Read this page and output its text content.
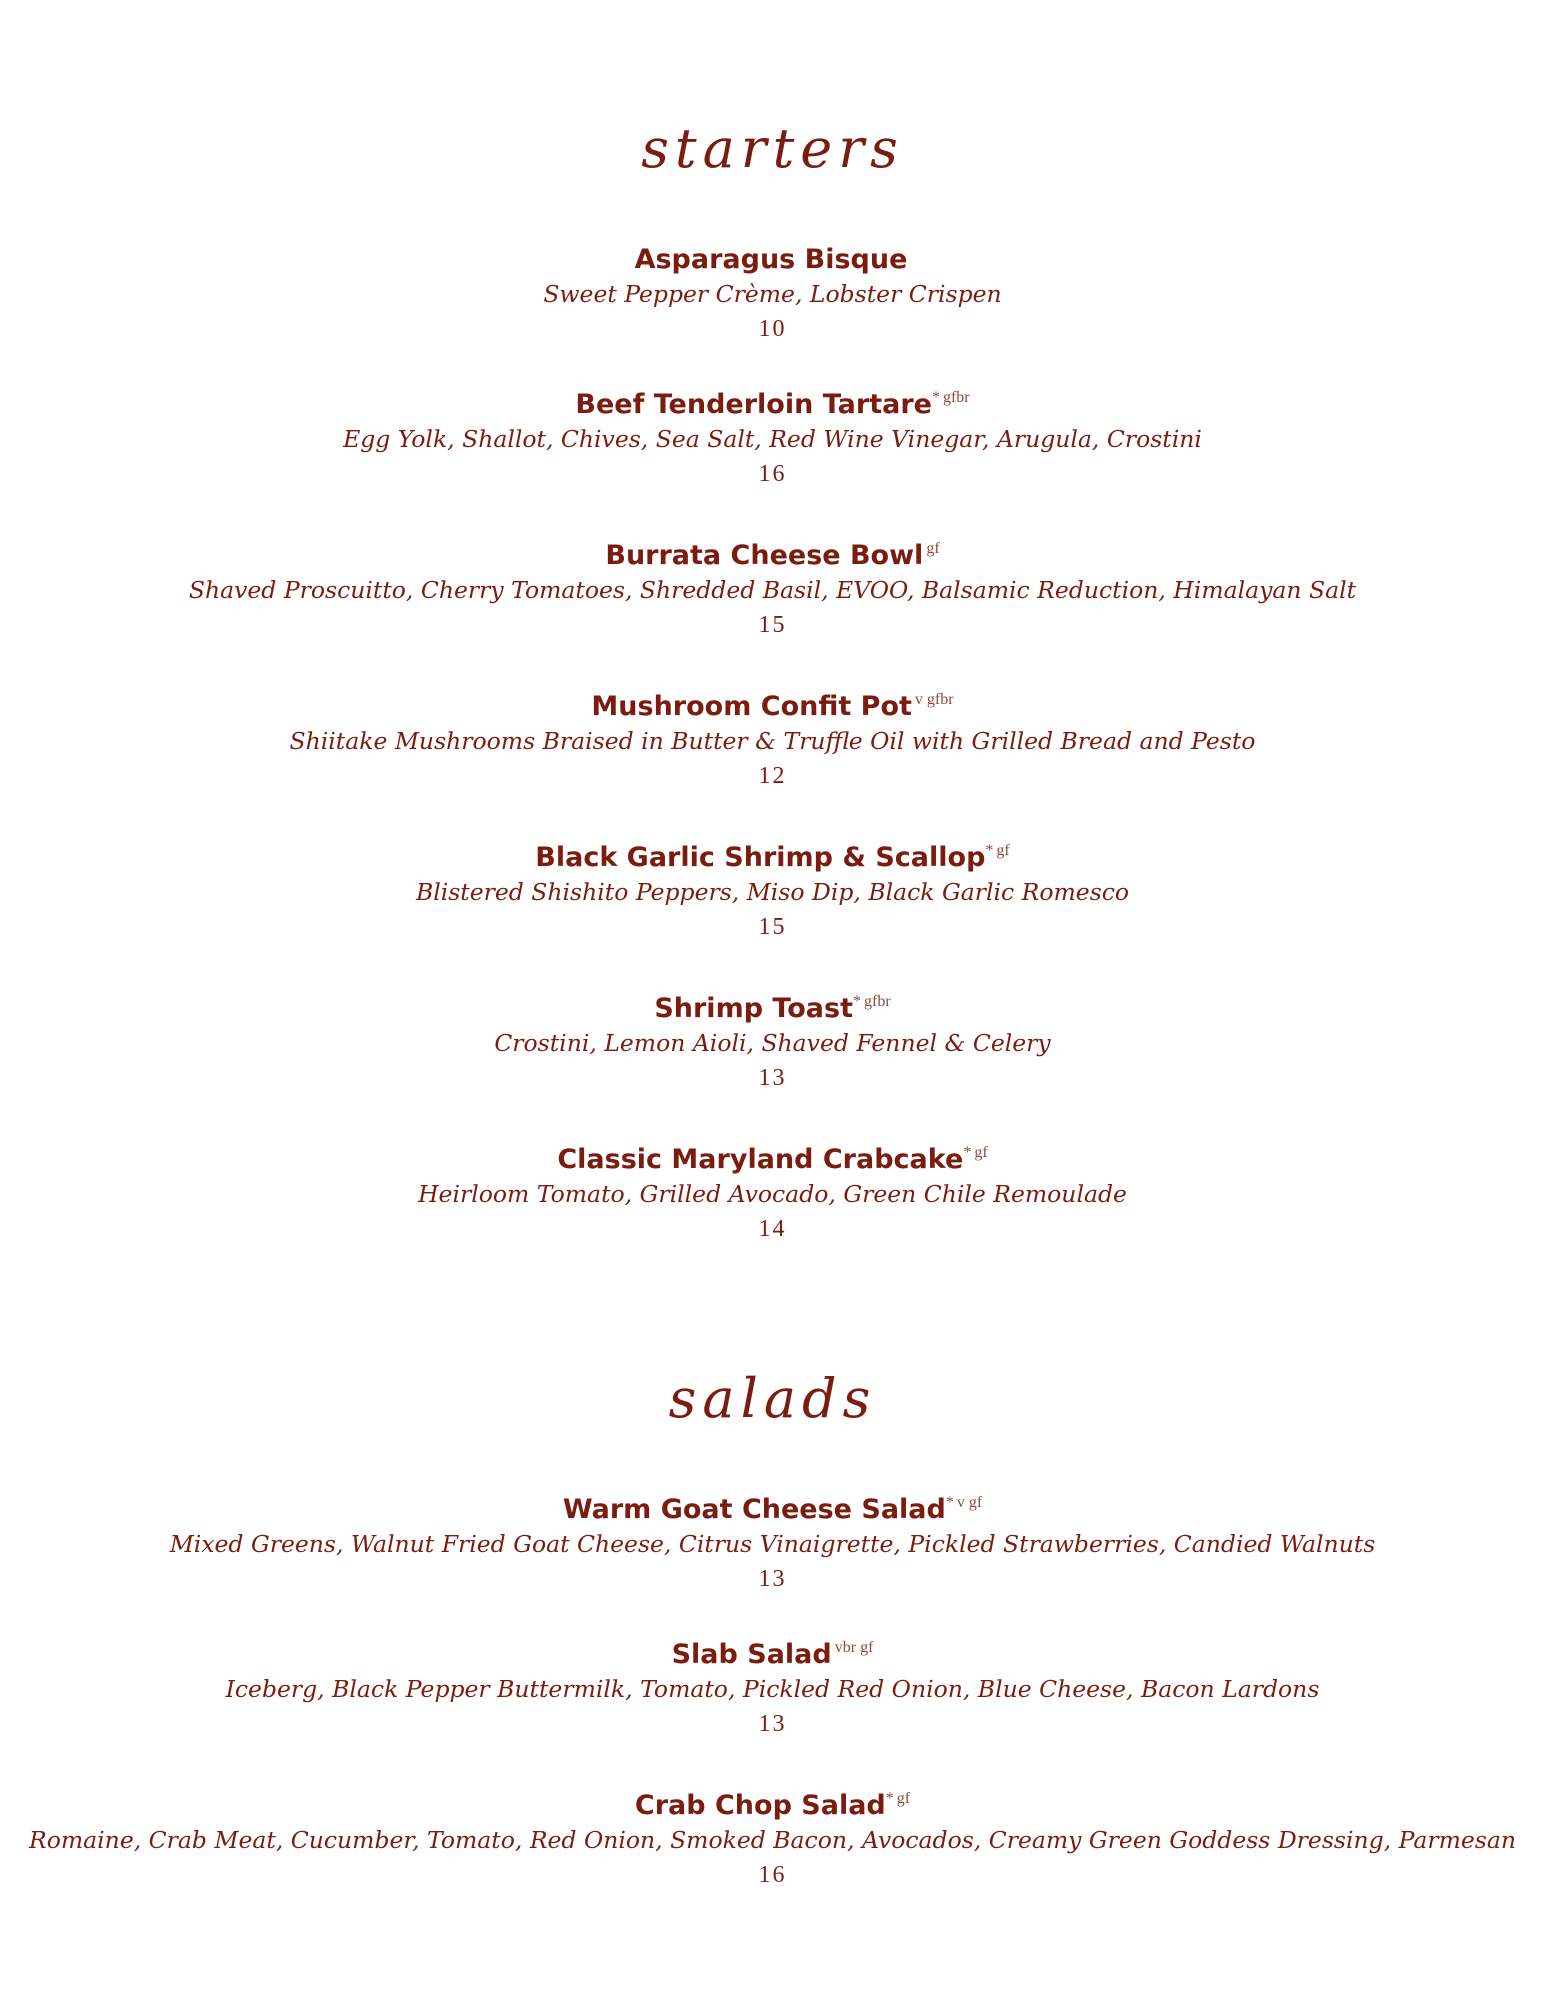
starters
Asparagus Bisque
Sweet Pepper Crème, Lobster Crispen
10
Beef Tenderloin Tartare* $^{gfbr}$
Egg Yolk, Shallot, Chives, Sea Salt, Red Wine Vinegar, Arugula, Crostini
16
Burrata Cheese Bowl $^{gf}$
Shaved Proscuitto, Cherry Tomatoes, Shredded Basil, EVOO, Balsamic Reduction, Himalayan Salt
15
Mushroom Confit Pot $^{v gfbr}$
Shiitake Mushrooms Braised in Butter & Truffle Oil with Grilled Bread and Pesto
12
Black Garlic Shrimp & Scallop* $^{gf}$
Blistered Shishito Peppers, Miso Dip, Black Garlic Romesco
15
Shrimp Toast* $^{gfbr}$
Crostini, Lemon Aioli, Shaved Fennel & Celery
13
Classic Maryland Crabcake* $^{gf}$
Heirloom Tomato, Grilled Avocado, Green Chile Remoulade
14
salads
Warm Goat Cheese Salad* $^{v gf}$
Mixed Greens, Walnut Fried Goat Cheese, Citrus Vinaigrette, Pickled Strawberries, Candied Walnuts
13
Slab Salad $^{vbr gf}$
Iceberg, Black Pepper Buttermilk, Tomato, Pickled Red Onion, Blue Cheese, Bacon Lardons
13
Crab Chop Salad* $^{gf}$
Romaine, Crab Meat, Cucumber, Tomato, Red Onion, Smoked Bacon, Avocados, Creamy Green Goddess Dressing, Parmesan
16
